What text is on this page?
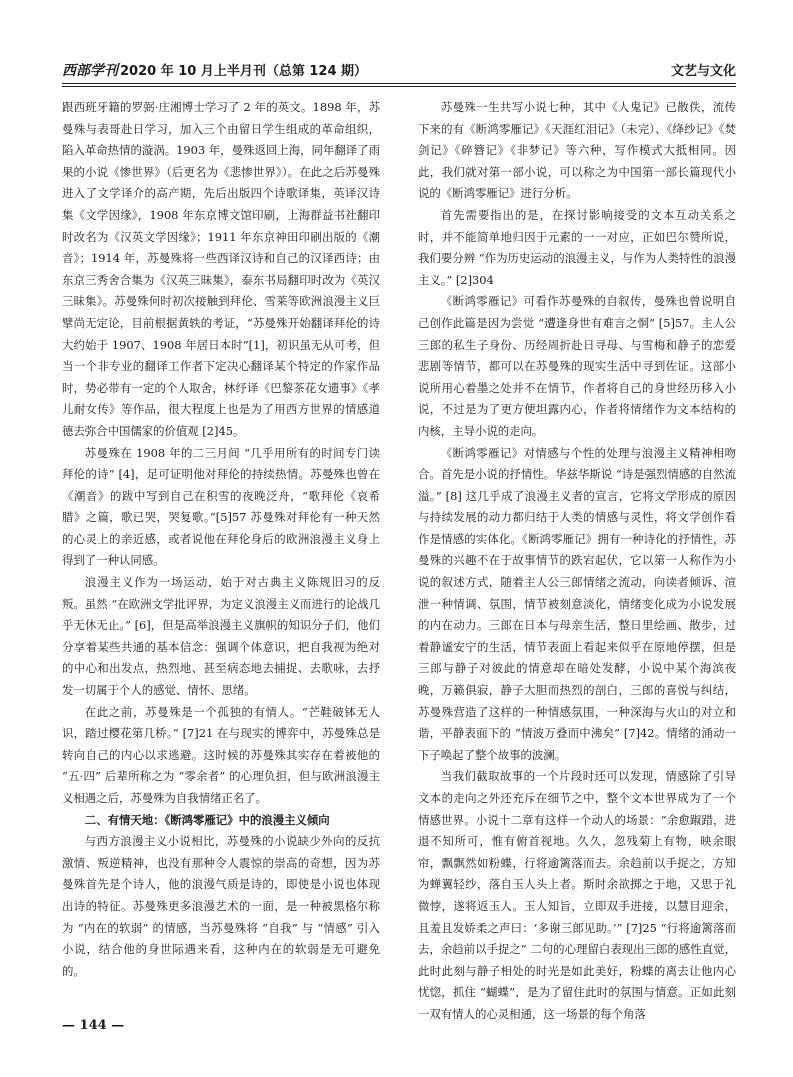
西部学刊 2020 年 10 月上半月刊（总第 124 期）	文艺与文化

跟西班牙籍的罗弼·庄湘博士学习了 2 年的英文。1898 年，苏曼殊与表哥赴日学习，加入三个由留日学生组成的革命组织，陷入革命热情的漩涡。1903 年，曼殊返回上海，同年翻译了雨果的小说《惨世界》（后更名为《悲惨世界》）。在此之后苏曼殊进入了文学译介的高产期，先后出版四个诗歌译集，英译汉诗集《文学因缘》，1908 年东京博文馆印刷，上海群益书社翻印时改名为《汉英文学因缘》；1911 年东京神田印刷出版的《潮音》；1914 年，苏曼殊将一些西译汉诗和自己的汉译西诗；由东京三秀舍合集为《汉英三昧集》，泰东书局翻印时改为《英汉三昧集》。苏曼殊何时初次接触到拜伦、雪莱等欧洲浪漫主义巨擘尚无定论，目前根据黄轶的考证，“苏曼殊开始翻译拜伦的诗大约始于 1907、1908 年居日本时”[1]，初识虽无从可考，但当一个非专业的翻译工作者下定决心翻译某个特定的作家作品时，势必带有一定的个人取舍，林纾译《巴黎茶花女遗事》《孝儿耐女传》等作品，很大程度上也是为了用西方世界的情感道德去弥合中国儒家的价值观 [2]45。

苏曼殊在 1908 年的二三月间 “几乎用所有的时间专门读拜伦的诗” [4]，足可证明他对拜伦的持续热情。苏曼殊也曾在《潮音》的跋中写到自己在积雪的夜晚泛舟，“歌拜伦《哀希腊》之篇，歌已哭，哭复歌。”[5]57 苏曼殊对拜伦有一种天然的心灵上的亲近感，或者说他在拜伦身后的欧洲浪漫主义身上得到了一种认同感。

浪漫主义作为一场运动，始于对古典主义陈规旧习的反叛。虽然 “在欧洲文学批评界，为定义浪漫主义而进行的论战几乎无休无止。” [6]，但是高举浪漫主义旗帜的知识分子们，他们分享着某些共通的基本信念：强调个体意识，把自我视为绝对的中心和出发点，热烈地、甚至病态地去捕捉、去歌咏，去抒发一切属于个人的感觉、情怀、思绪。

在此之前，苏曼殊是一个孤独的有情人。“芒鞋破钵无人识，踏过樱花第几桥。” [7]21 在与现实的博弈中，苏曼殊总是转向自己的内心以求逃避。这时候的苏曼殊其实存在着被他的 “五·四” 后辈所称之为 “零余者” 的心理负担，但与欧洲浪漫主义相遇之后，苏曼殊为自我情绪正名了。

二、有情天地：《断鸿零雁记》中的浪漫主义倾向

与西方浪漫主义小说相比，苏曼殊的小说缺少外向的反抗激情、叛逆精神，也没有那种令人震惊的崇高的奇想，因为苏曼殊首先是个诗人，他的浪漫气质是诗的，即使是小说也体现出诗的特征。苏曼殊更多浪漫艺术的一面，是一种被黑格尔称为 “内在的软弱” 的情感，当苏曼殊将 “自我” 与 “情感” 引入小说，结合他的身世际遇来看，这种内在的软弱是无可避免的。

苏曼殊一生共写小说七种，其中《人鬼记》已散佚，流传下来的有《断鸿零雁记》《天涯红泪记》（未完）、《绛纱记》《焚剑记》《碎簪记》《非梦记》等六种，写作模式大抵相同。因此，我们就对第一部小说，可以称之为中国第一部长篇现代小说的《断鸿零雁记》进行分析。

首先需要指出的是，在探讨影响接受的文本互动关系之时，并不能简单地归因于元素的一一对应，正如巴尔赞所说，我们要分辨 “作为历史运动的浪漫主义，与作为人类特性的浪漫主义。” [2]304

《断鸿零雁记》可看作苏曼殊的自叙传，曼殊也曾说明自己创作此篇是因为尝觉 “遭逢身世有难言之恫” [5]57。主人公三郎的私生子身份、历经周折赴日寻母、与雪梅和静子的恋爱悲剧等情节，都可以在苏曼殊的现实生活中寻到佐证。这部小说所用心着墨之处并不在情节，作者将自己的身世经历移入小说，不过是为了更方便坦露内心，作者将情绪作为文本结构的内核，主导小说的走向。

《断鸿零雁记》对情感与个性的处理与浪漫主义精神相吻合。首先是小说的抒情性。华兹华斯说 “诗是强烈情感的自然流溢。” [8] 这几乎成了浪漫主义者的宣言，它将文学形成的原因与持续发展的动力都归结于人类的情感与灵性，将文学创作看作是情感的实体化。《断鸿零雁记》拥有一种诗化的抒情性，苏曼殊的兴趣不在于故事情节的跌宕起伏，它以第一人称作为小说的叙述方式，随着主人公三郎情绪之流动，向读者倾诉、渲泄一种情调、氛围，情节被刻意淡化，情绪变化成为小说发展的内在动力。三郎在日本与母亲生活，整日里绘画、散步，过着静谧安宁的生活，情节表面上看起来似乎在原地停摆，但是三郎与静子对彼此的情意却在暗处发酵，小说中某个海滨夜晚，万籁俱寂，静子大胆而热烈的剖白，三郎的喜悦与纠结，苏曼殊营造了这样的一种情感氛围，一种深海与火山的对立和谐，平静表面下的 “情波万叠而中沸矣” [7]42。情绪的涌动一下子唤起了整个故事的波澜。

当我们截取故事的一个片段时还可以发现，情感除了引导文本的走向之外还充斥在细节之中，整个文本世界成为了一个情感世界。小说十二章有这样一个动人的场景：“余愈踧踖，进退不知所可，惟有俯首视地。久久，忽残菊上有物，映余眼帘，飘飘然如粉蝶，行将逾篱落而去。余趋前以手捉之，方知为蝉翼轻纱，落自玉人头上者。斯时余欲掷之于地，又思于礼微悖，遂将返玉人。玉人知旨，立即双手进接，以慧目迎余，且羞且发娇柔之声曰：‘多谢三郎见助。’” [7]25 “行将逾篱落而去，余趋前以手捉之” 二句的心理留白表现出三郎的感性直觉，此时此刻与静子相处的时光是如此美好，粉蝶的离去让他内心忧惚，抓住 “蝴蝶”，是为了留住此时的氛围与情意。正如此刻一双有情人的心灵相通，这一场景的每个角落

— 144 —
